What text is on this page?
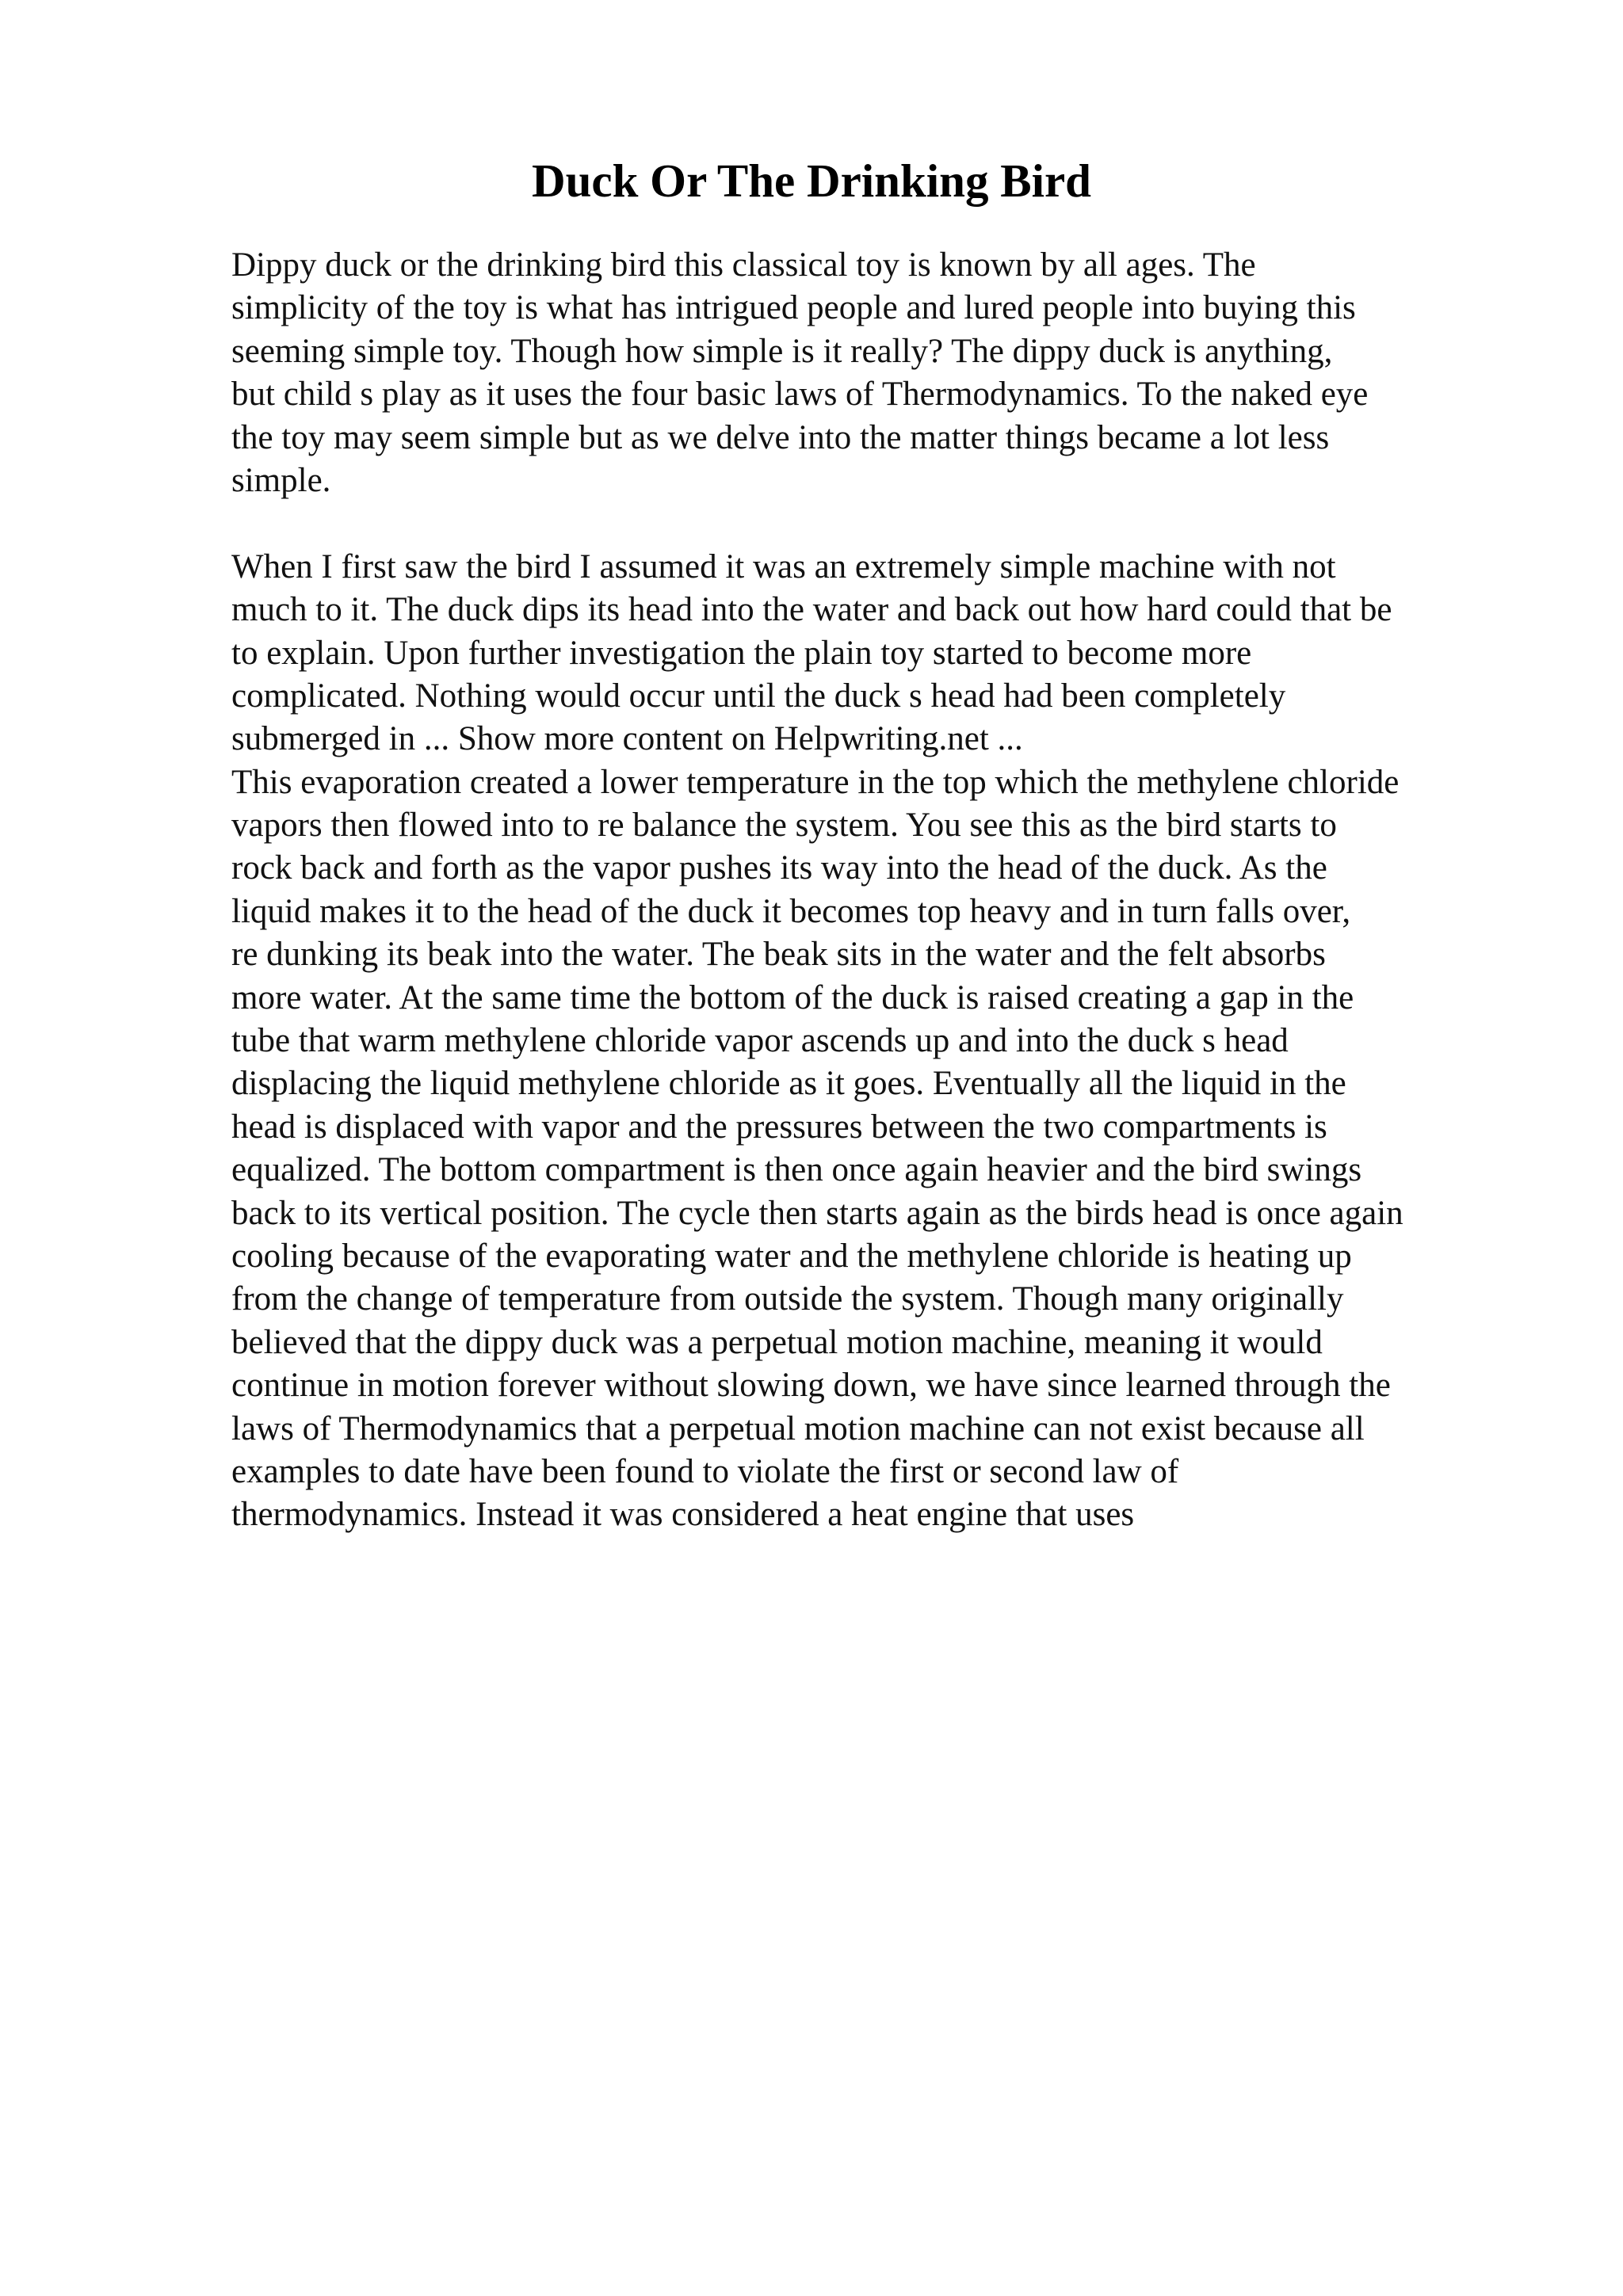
Duck Or The Drinking Bird
Dippy duck or the drinking bird this classical toy is known by all ages. The
simplicity of the toy is what has intrigued people and lured people into buying this
seeming simple toy. Though how simple is it really? The dippy duck is anything,
but child s play as it uses the four basic laws of Thermodynamics. To the naked eye
the toy may seem simple but as we delve into the matter things became a lot less
simple.
When I first saw the bird I assumed it was an extremely simple machine with not
much to it. The duck dips its head into the water and back out how hard could that be
to explain. Upon further investigation the plain toy started to become more
complicated. Nothing would occur until the duck s head had been completely
submerged in ... Show more content on Helpwriting.net ...
This evaporation created a lower temperature in the top which the methylene chloride
vapors then flowed into to re balance the system. You see this as the bird starts to
rock back and forth as the vapor pushes its way into the head of the duck. As the
liquid makes it to the head of the duck it becomes top heavy and in turn falls over,
re dunking its beak into the water. The beak sits in the water and the felt absorbs
more water. At the same time the bottom of the duck is raised creating a gap in the
tube that warm methylene chloride vapor ascends up and into the duck s head
displacing the liquid methylene chloride as it goes. Eventually all the liquid in the
head is displaced with vapor and the pressures between the two compartments is
equalized. The bottom compartment is then once again heavier and the bird swings
back to its vertical position. The cycle then starts again as the birds head is once again
cooling because of the evaporating water and the methylene chloride is heating up
from the change of temperature from outside the system. Though many originally
believed that the dippy duck was a perpetual motion machine, meaning it would
continue in motion forever without slowing down, we have since learned through the
laws of Thermodynamics that a perpetual motion machine can not exist because all
examples to date have been found to violate the first or second law of
thermodynamics. Instead it was considered a heat engine that uses
